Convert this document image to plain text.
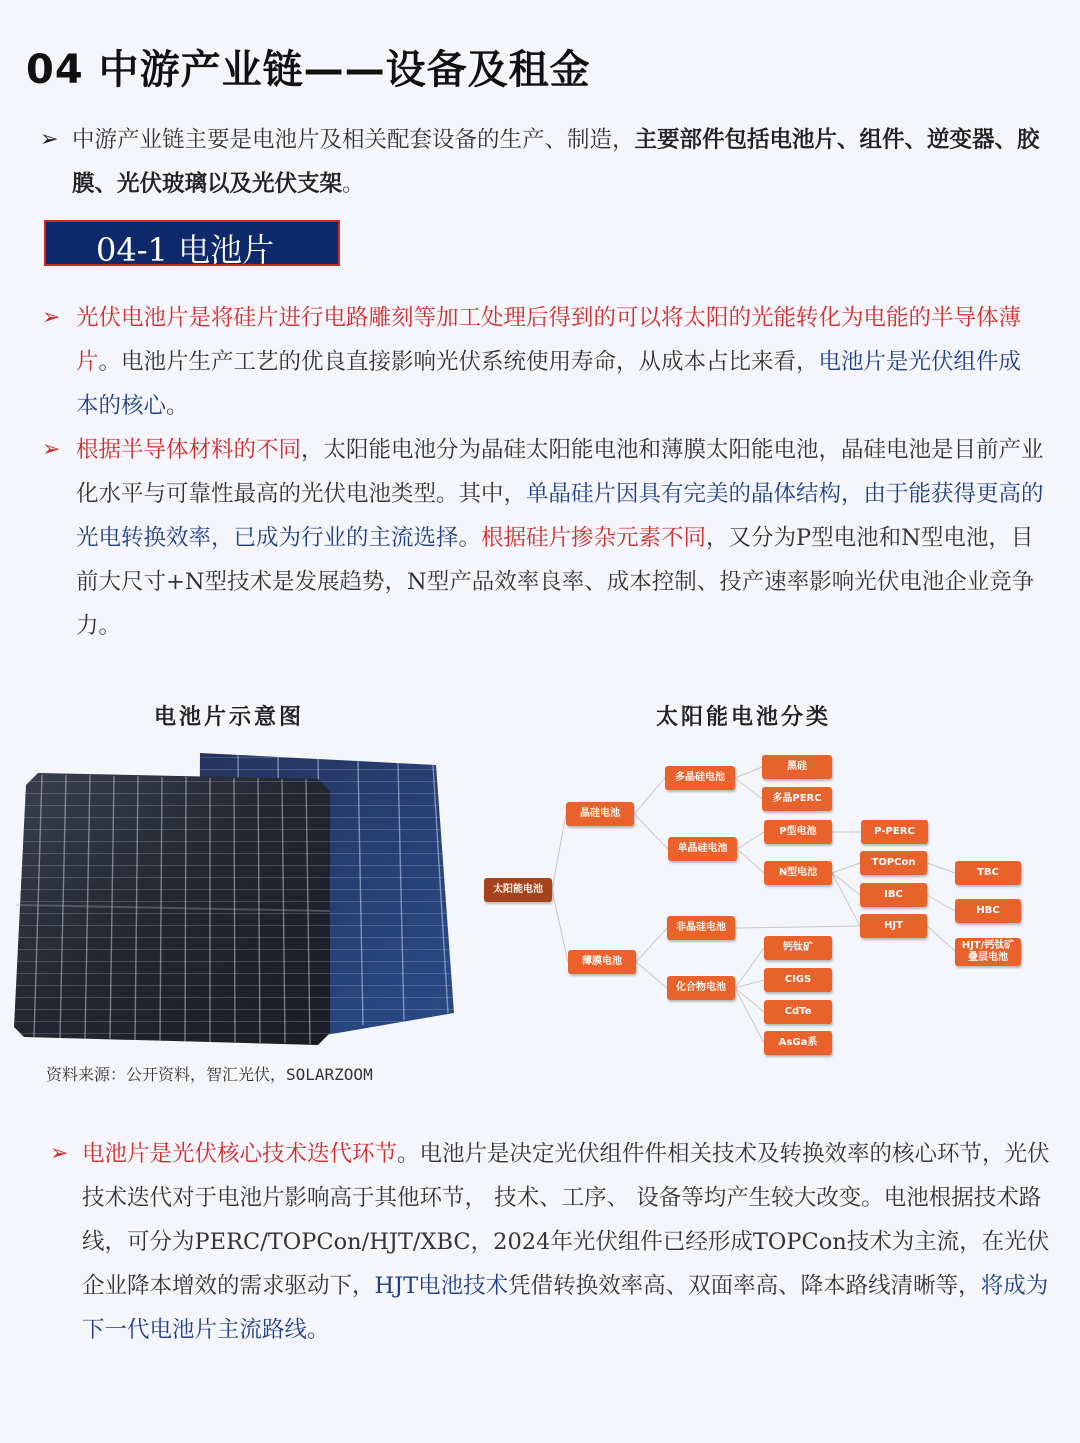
04 中游产业链——设备及租金
➢ 中游产业链主要是电池片及相关配套设备的生产、制造，主要部件包括电池片、组件、逆变器、胶膜、光伏玻璃以及光伏支架。
04-1 电池片
➢ 光伏电池片是将硅片进行电路雕刻等加工处理后得到的可以将太阳的光能转化为电能的半导体薄片。电池片生产工艺的优良直接影响光伏系统使用寿命，从成本占比来看，电池片是光伏组件成本的核心。
➢ 根据半导体材料的不同，太阳能电池分为晶硅太阳能电池和薄膜太阳能电池，晶硅电池是目前产业化水平与可靠性最高的光伏电池类型。其中，单晶硅片因具有完美的晶体结构，由于能获得更高的光电转换效率，已成为行业的主流选择。根据硅片掺杂元素不同，又分为P型电池和N型电池，目前大尺寸+N型技术是发展趋势，N型产品效率良率、成本控制、投产速率影响光伏电池企业竞争力。
电池片示意图	太阳能电池分类
资料来源：公开资料，智汇光伏，SOLARZOOM
太阳能电池
晶硅电池
薄膜电池
多晶硅电池
单晶硅电池
黑硅
多晶PERC
P型电池
N型电池
P-PERC
TOPCon
IBC
HJT
TBC
HBC
HJT/钙钛矿
叠层电池
非晶硅电池
化合物电池
钙钛矿
CIGS
CdTe
AsGa系
➢ 电池片是光伏核心技术迭代环节。电池片是决定光伏组件件相关技术及转换效率的核心环节，光伏技术迭代对于电池片影响高于其他环节， 技术、工序、 设备等均产生较大改变。电池根据技术路线，可分为PERC/TOPCon/HJT/XBC，2024年光伏组件已经形成TOPCon技术为主流，在光伏企业降本增效的需求驱动下，HJT电池技术凭借转换效率高、双面率高、降本路线清晰等，将成为下一代电池片主流路线。
